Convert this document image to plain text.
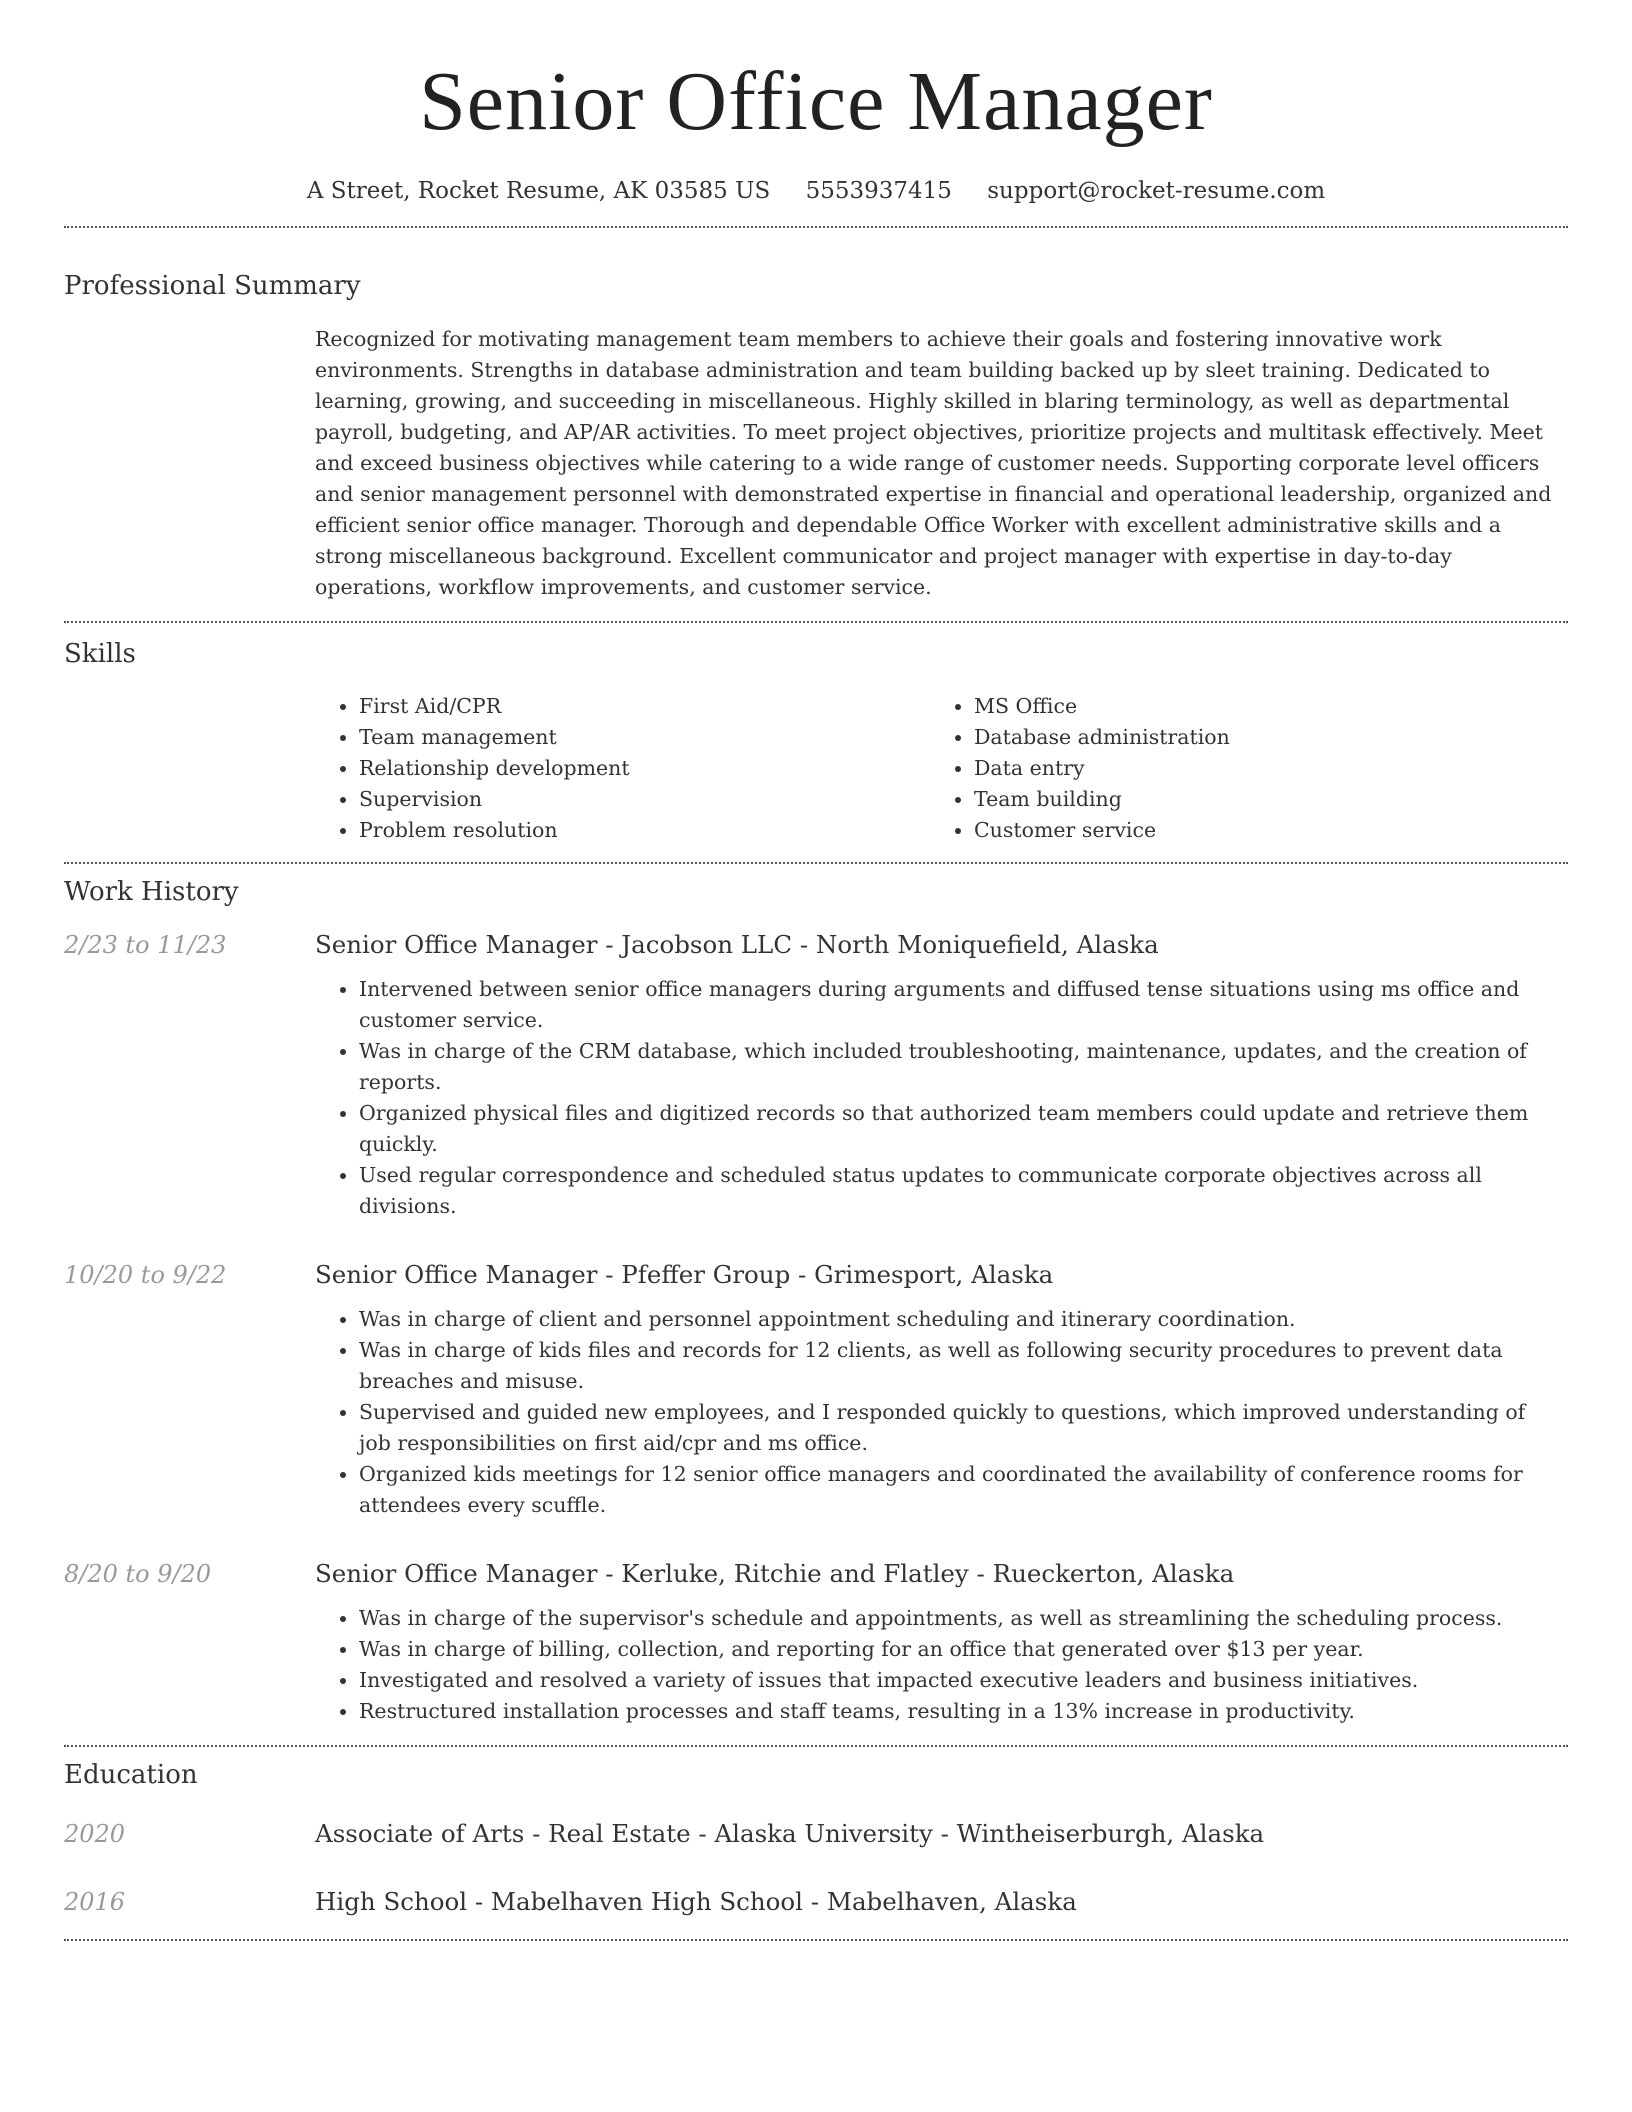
Senior Office Manager
A Street, Rocket Resume, AK 03585 US 5553937415 support@rocket-resume.com
Professional Summary
Recognized for motivating management team members to achieve their goals and fostering innovative work environments. Strengths in database administration and team building backed up by sleet training. Dedicated to learning, growing, and succeeding in miscellaneous. Highly skilled in blaring terminology, as well as departmental payroll, budgeting, and AP/AR activities. To meet project objectives, prioritize projects and multitask effectively. Meet and exceed business objectives while catering to a wide range of customer needs. Supporting corporate level officers and senior management personnel with demonstrated expertise in financial and operational leadership, organized and efficient senior office manager. Thorough and dependable Office Worker with excellent administrative skills and a strong miscellaneous background. Excellent communicator and project manager with expertise in day-to-day operations, workflow improvements, and customer service.
Skills
• First Aid/CPR
• Team management
• Relationship development
• Supervision
• Problem resolution
• MS Office
• Database administration
• Data entry
• Team building
• Customer service
Work History
2/23 to 11/23	Senior Office Manager - Jacobson LLC - North Moniquefield, Alaska
• Intervened between senior office managers during arguments and diffused tense situations using ms office and customer service.
• Was in charge of the CRM database, which included troubleshooting, maintenance, updates, and the creation of reports.
• Organized physical files and digitized records so that authorized team members could update and retrieve them quickly.
• Used regular correspondence and scheduled status updates to communicate corporate objectives across all divisions.
10/20 to 9/22	Senior Office Manager - Pfeffer Group - Grimesport, Alaska
• Was in charge of client and personnel appointment scheduling and itinerary coordination.
• Was in charge of kids files and records for 12 clients, as well as following security procedures to prevent data breaches and misuse.
• Supervised and guided new employees, and I responded quickly to questions, which improved understanding of job responsibilities on first aid/cpr and ms office.
• Organized kids meetings for 12 senior office managers and coordinated the availability of conference rooms for attendees every scuffle.
8/20 to 9/20	Senior Office Manager - Kerluke, Ritchie and Flatley - Rueckerton, Alaska
• Was in charge of the supervisor's schedule and appointments, as well as streamlining the scheduling process.
• Was in charge of billing, collection, and reporting for an office that generated over $13 per year.
• Investigated and resolved a variety of issues that impacted executive leaders and business initiatives.
• Restructured installation processes and staff teams, resulting in a 13% increase in productivity.
Education
2020	Associate of Arts - Real Estate - Alaska University - Wintheiserburgh, Alaska
2016	High School - Mabelhaven High School - Mabelhaven, Alaska
